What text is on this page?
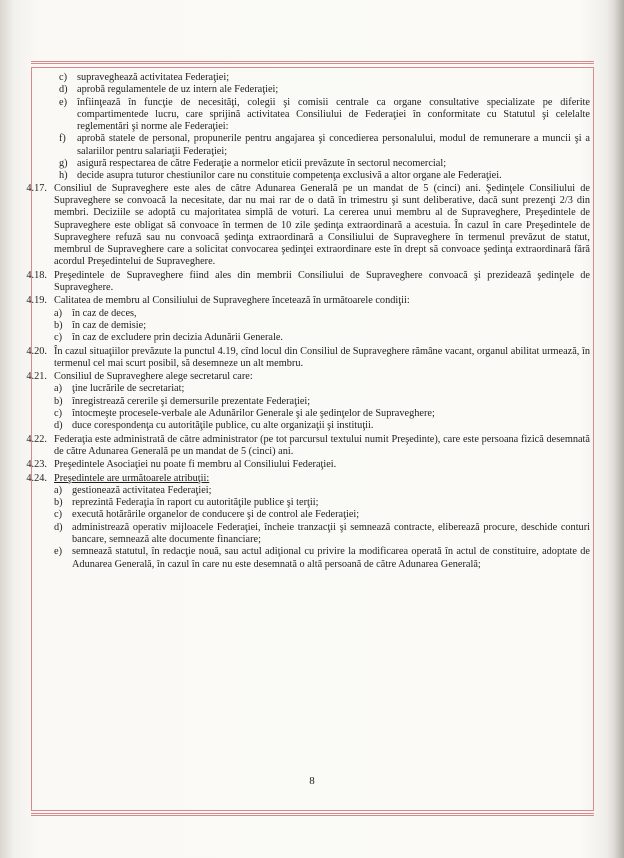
c) supraveghează activitatea Federaţiei;
d) aprobă regulamentele de uz intern ale Federaţiei;
e) înfiinţează în funcţie de necesităţi, colegii şi comisii centrale ca organe consultative specializate pe diferite compartimentede lucru, care sprijină activitatea Consiliului de Federaţiei în conformitate cu Statutul şi celelalte reglementări şi norme ale Federaţiei:
f)	aprobă statele de personal, propunerile pentru angajarea şi concedierea personalului, modul de remunerare a muncii şi a salariilor pentru salariaţii Federaţiei;
g) asigură respectarea de către Federaţie a normelor eticii prevăzute în sectorul necomercial;
h) decide asupra tuturor chestiunilor care nu constituie competenţa exclusivă a altor organe ale Federaţiei.
4.17. Consiliul de Supraveghere este ales de către Adunarea Generală pe un mandat de 5 (cinci) ani. Şedinţele Consiliului de Supraveghere se convoacă la necesitate, dar nu mai rar de o dată în trimestru şi sunt deliberative, dacă sunt prezenţi 2/3 din membri. Deciziile se adoptă cu majoritatea simplă de voturi. La cererea unui membru al de Supraveghere, Preşedintele de Supraveghere este obligat să convoace în termen de 10 zile şedinţa extraordinară a acestuia. În cazul în care Preşedintele de Supraveghere refuză sau nu convoacă şedinţa extraordinară a Consiliului de Supraveghere în termenul prevăzut de statut, membrul de Supraveghere care a solicitat convocarea şedinţei extraordinare este în drept să convoace şedinţa extraordinară fără acordul Preşedintelui de Supraveghere.
4.18. Preşedintele de Supraveghere fiind ales din membrii Consiliului de Supraveghere convoacă şi prezidează şedinţele de Supraveghere.
4.19. Calitatea de membru al Consiliului de Supraveghere încetează în următoarele condiţii:
a) în caz de deces,
b) în caz de demisie;
c) în caz de excludere prin decizia Adunării Generale.
4.20. În cazul situaţiilor prevăzute la punctul 4.19, cînd locul din Consiliul de Supraveghere rămâne vacant, organul abilitat urmează, în termenul cel mai scurt posibil, să desemneze un alt membru.
4.21. Consiliul de Supraveghere alege secretarul care:
a) ţine lucrările de secretariat;
b) înregistrează cererile şi demersurile prezentate Federaţiei;
c) întocmeşte procesele-verbale ale Adunărilor Generale şi ale şedinţelor de Supraveghere;
d) duce corespondenţa cu autorităţile publice, cu alte organizaţii şi instituţii.
4.22. Federaţia este administrată de către administrator (pe tot parcursul textului numit Preşedinte), care este persoana fizică desemnată de către Adunarea Generală pe un mandat de 5 (cinci) ani.
4.23. Preşedintele Asociaţiei nu poate fi membru al Consiliului Federaţiei.
4.24. Preşedintele are următoarele atribuţii:
a) gestionează activitatea Federaţiei;
b) reprezintă Federaţia în raport cu autorităţile publice şi terţii;
c) execută hotărârile organelor de conducere şi de control ale Federaţiei;
d) administrează operativ mijloacele Federaţiei, încheie tranzacţii şi semnează contracte, eliberează procure, deschide conturi bancare, semnează alte documente financiare;
e) semnează statutul, în redacţie nouă, sau actul adiţional cu privire la modificarea operată în actul de constituire, adoptate de Adunarea Generală, în cazul în care nu este desemnată o altă persoană de către Adunarea Generală;
8
